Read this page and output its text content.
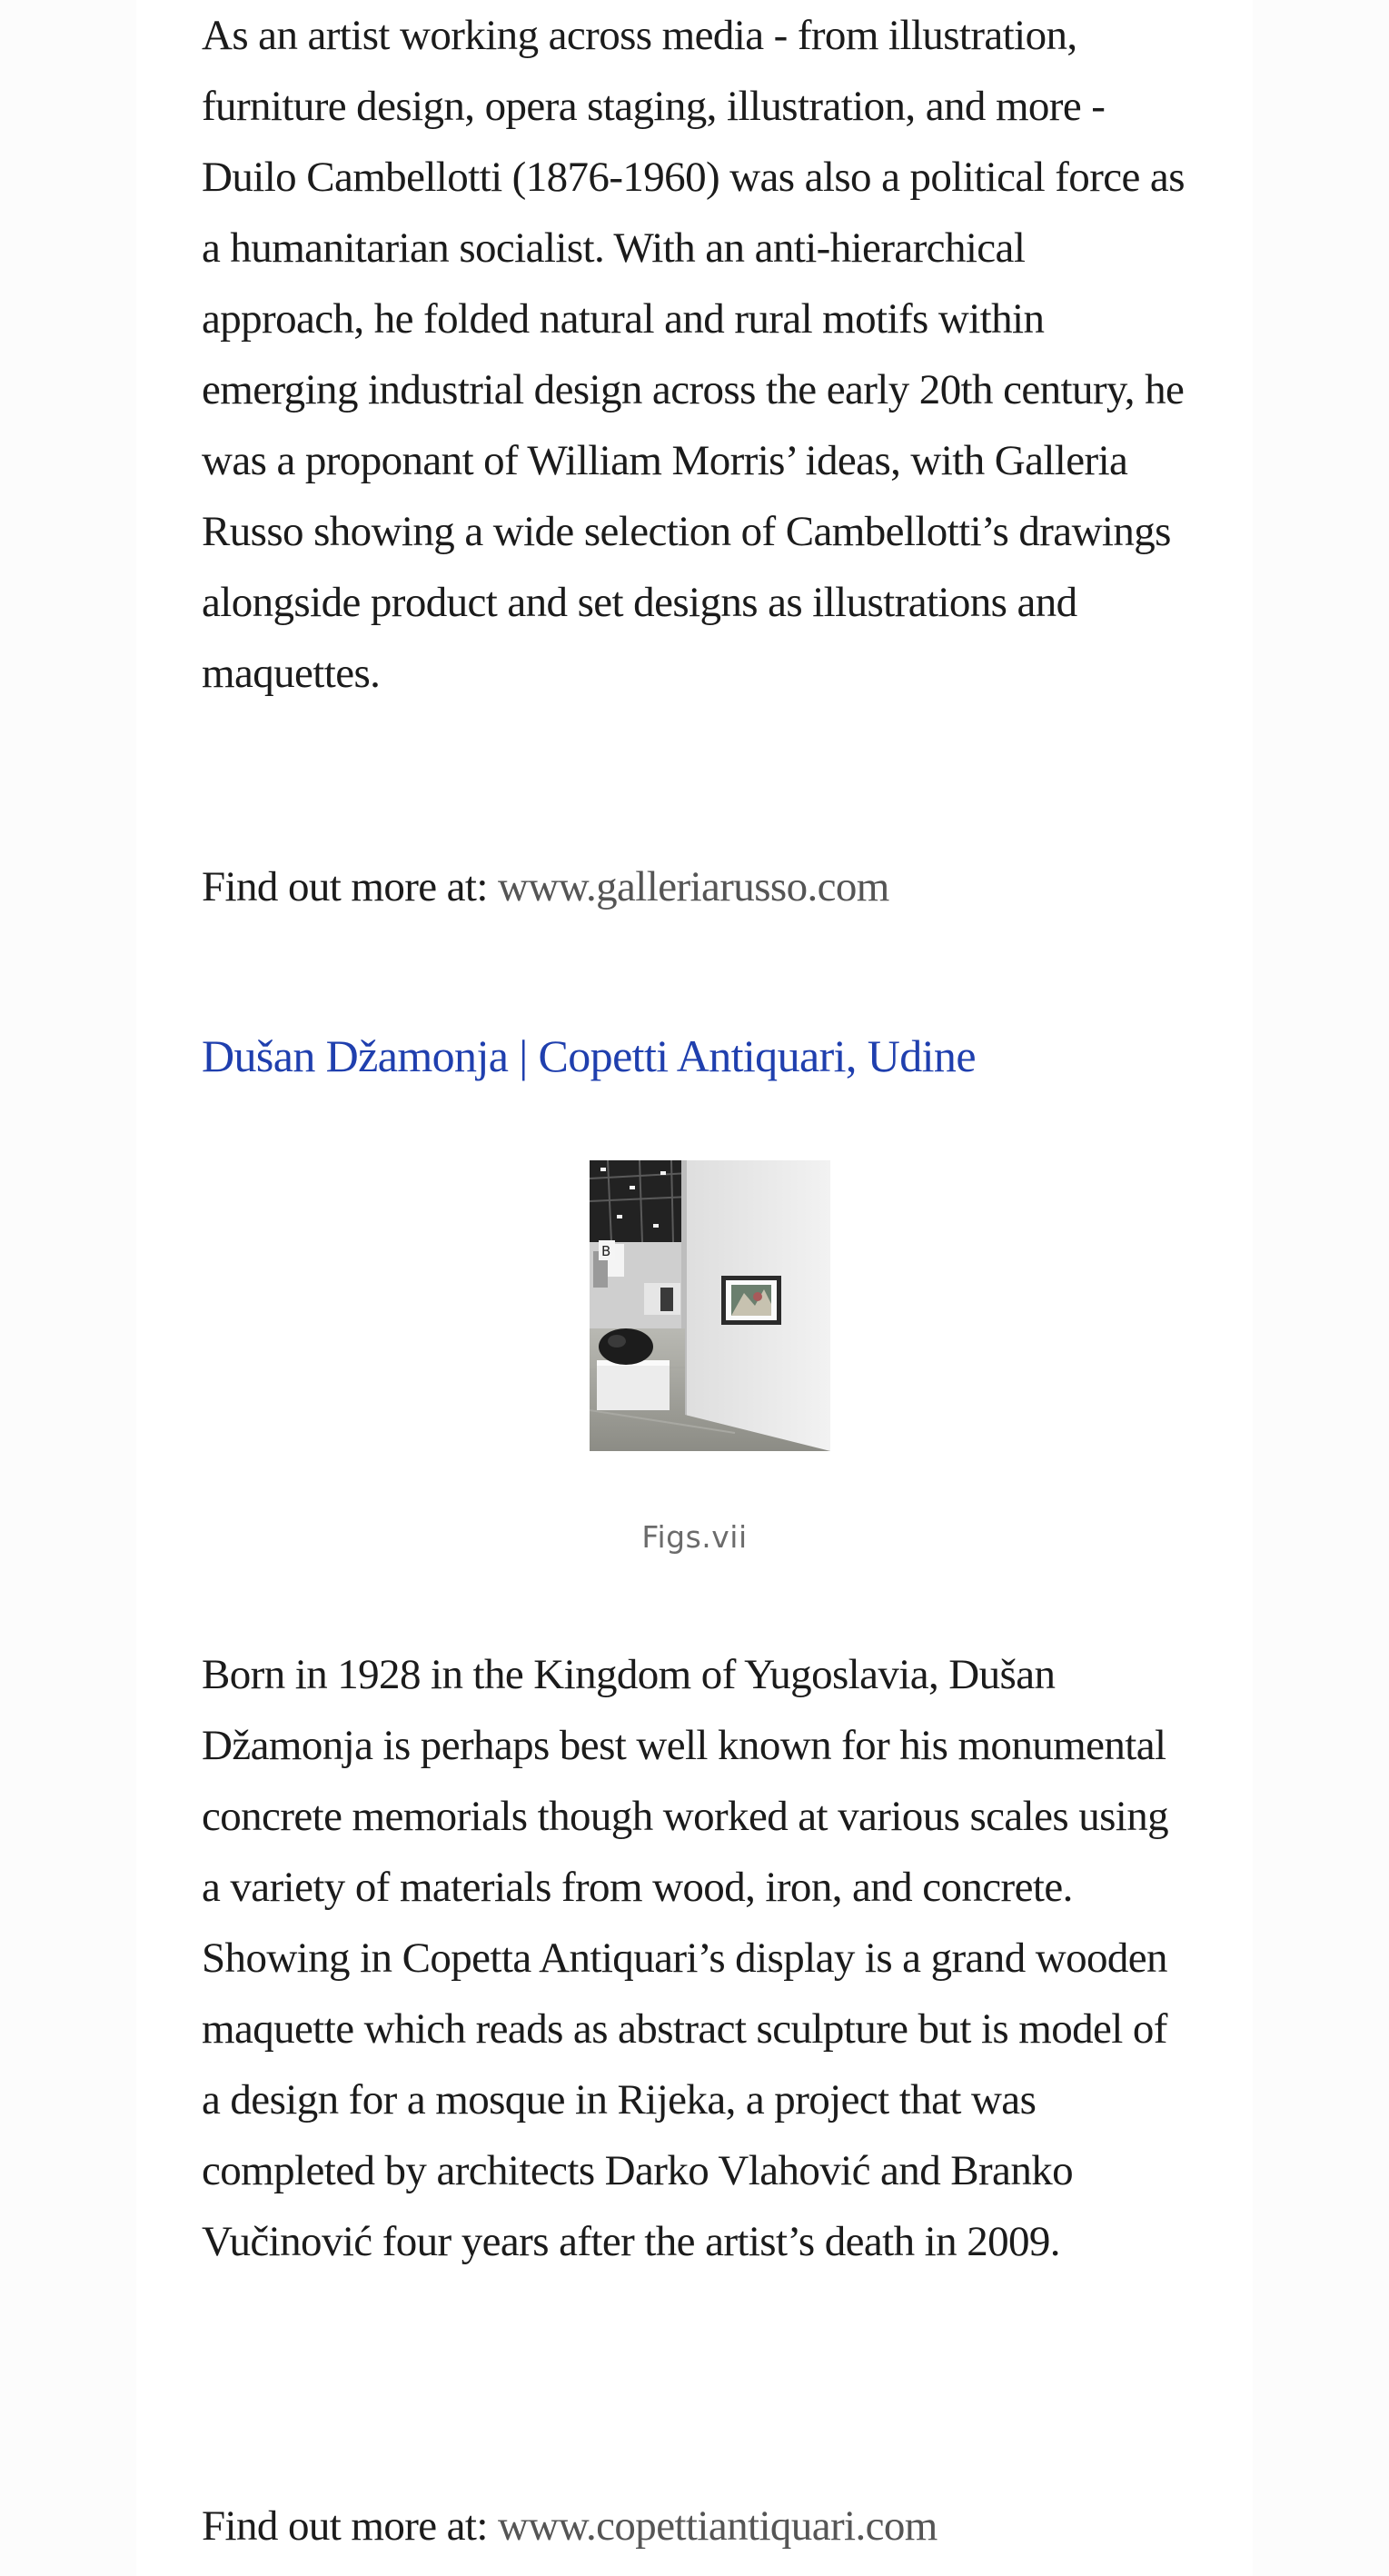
As an artist working across media - from illustration, furniture design, opera staging, illustration, and more - Duilo Cambellotti (1876-1960) was also a political force as a humanitarian socialist. With an anti-hierarchical approach, he folded natural and rural motifs within emerging industrial design across the early 20th century, he was a proponant of William Morris’ ideas, with Galleria Russo showing a wide selection of Cambellotti’s drawings alongside product and set designs as illustrations and maquettes.

Find out more at: www.galleriarusso.com
Dušan Džamonja | Copetti Antiquari, Udine
B
Figs.vii

Born in 1928 in the Kingdom of Yugoslavia, Dušan Džamonja is perhaps best well known for his monumental concrete memorials though worked at various scales using a variety of materials from wood, iron, and concrete. Showing in Copetta Antiquari’s display is a grand wooden maquette which reads as abstract sculpture but is model of a design for a mosque in Rijeka, a project that was completed by architects Darko Vlahović and Branko Vučinović four years after the artist’s death in 2009.

Find out more at: www.copettiantiquari.com
